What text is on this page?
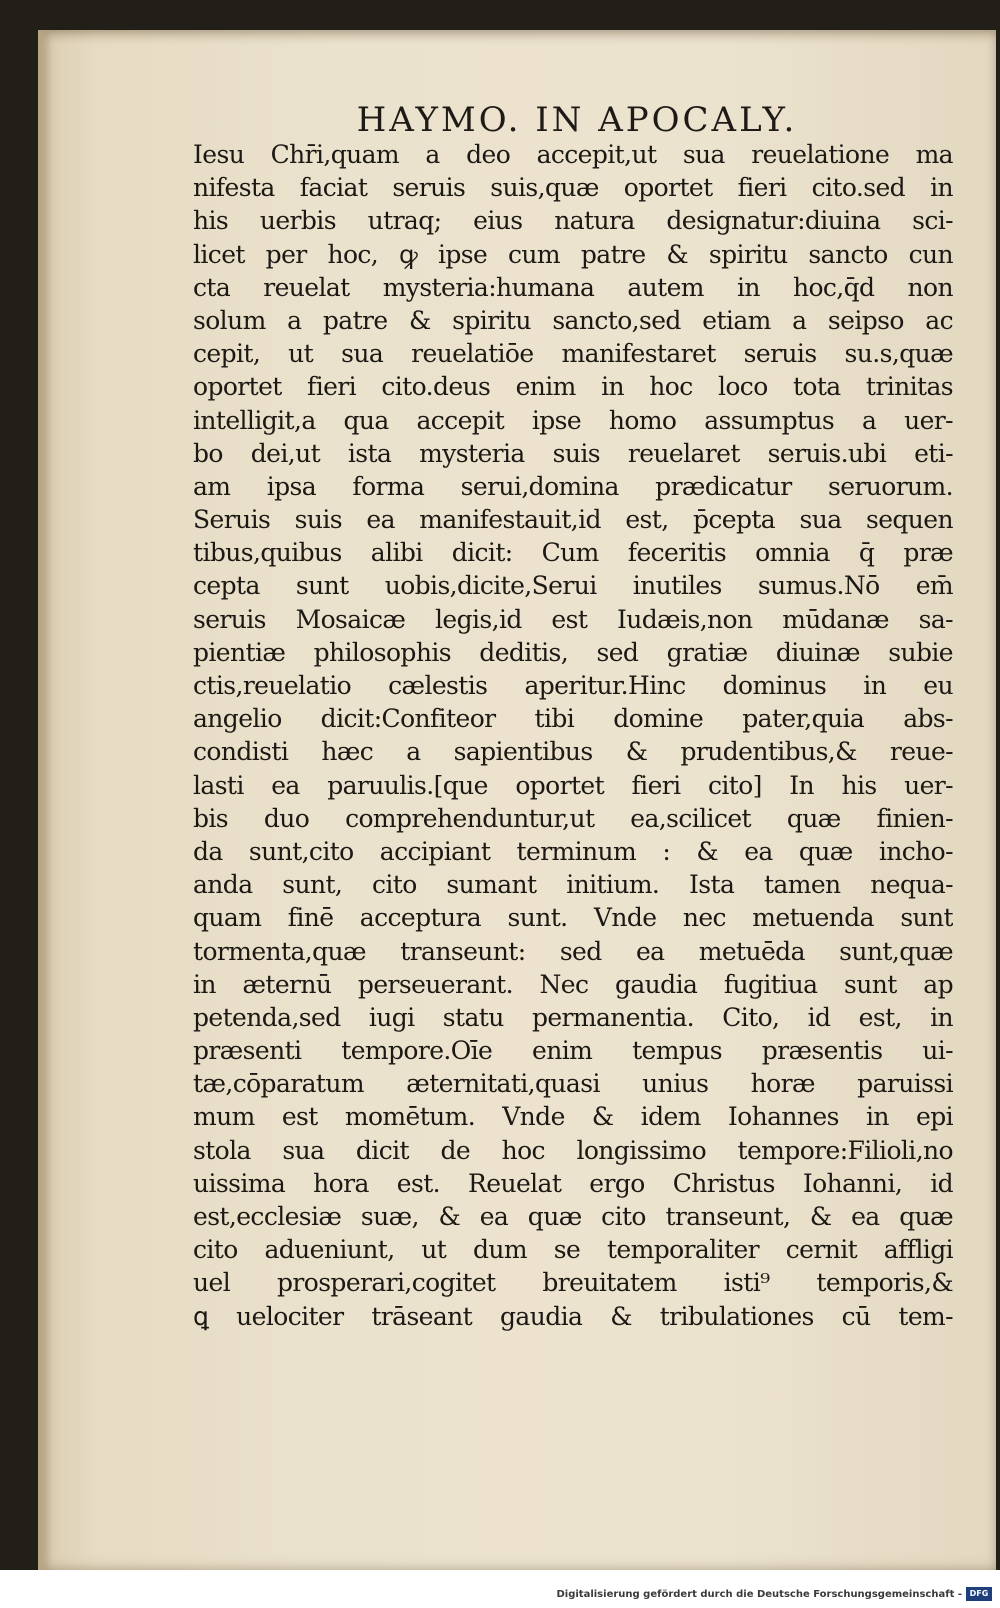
HAYMO. IN APOCALY.
Iesu Chr̄i,quam a deo accepit,ut sua reuelatione ma
nifesta faciat seruis suis,quæ oportet fieri cito.sed in
his uerbis utraq; eius natura designatur:diuina sci-
licet per hoc, ꝙ ipse cum patre & spiritu sancto cun
cta reuelat mysteria:humana autem in hoc,q̄d non
solum a patre & spiritu sancto,sed etiam a seipso ac
cepit, ut sua reuelatiōe manifestaret seruis su.s,quæ
oportet fieri cito.deus enim in hoc loco tota trinitas
intelligit,a qua accepit ipse homo assumptus a uer-
bo dei,ut ista mysteria suis reuelaret seruis.ubi eti-
am ipsa forma serui,domina prædicatur seruorum.
Seruis suis ea manifestauit,id est, p̄cepta sua sequen
tibus,quibus alibi dicit: Cum feceritis omnia q̄ præ
cepta sunt uobis,dicite,Serui inutiles sumus.Nō em̄
seruis Mosaicæ legis,id est Iudæis,non mūdanæ sa-
pientiæ philosophis deditis, sed gratiæ diuinæ subie
ctis,reuelatio cælestis aperitur.Hinc dominus in eu
angelio dicit:Confiteor tibi domine pater,quia abs-
condisti hæc a sapientibus & prudentibus,& reue-
lasti ea paruulis.[que oportet fieri cito] In his uer-
bis duo comprehenduntur,ut ea,scilicet quæ finien-
da sunt,cito accipiant terminum : & ea quæ incho-
anda sunt, cito sumant initium. Ista tamen nequa-
quam finē acceptura sunt. Vnde nec metuenda sunt
tormenta,quæ transeunt: sed ea metuēda sunt,quæ
in æternū perseuerant. Nec gaudia fugitiua sunt ap
petenda,sed iugi statu permanentia. Cito, id est, in
præsenti tempore.Oīe enim tempus præsentis ui-
tæ,cōparatum æternitati,quasi unius horæ paruissi
mum est momētum. Vnde & idem Iohannes in epi
stola sua dicit de hoc longissimo tempore:Filioli,no
uissima hora est. Reuelat ergo Christus Iohanni, id
est,ecclesiæ suæ, & ea quæ cito transeunt, & ea quæ
cito adueniunt, ut dum se temporaliter cernit affligi
uel prosperari,cogitet breuitatem isti⁹ temporis,&
ꝗ uelociter trāseant gaudia & tribulationes cū tem-
Digitalisierung gefördert durch die Deutsche Forschungsgemeinschaft - DFG
